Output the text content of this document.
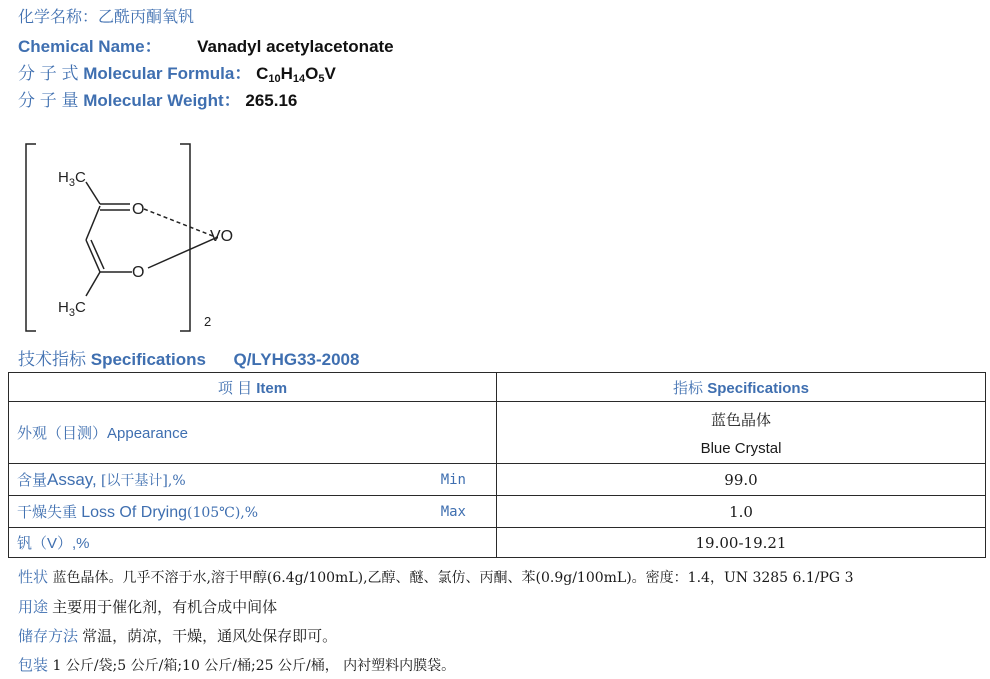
化学名称：乙酰丙酮氧钒
Chemical Name： Vanadyl acetylacetonate
分 子 式 Molecular Formula： $C_{10}H_{14}O_5V$
分 子 量 Molecular Weight： 265.16
$H_3C$
$H_3C$
O
O
2
VO
技术指标 Specifications Q/LYHG33-2008
项 目 Item	指标 Specifications
外观（目测）Appearance	蓝色晶体
Blue Crystal

含量Assay, [以干基计],% Min	99.0
干燥失重 Loss Of Drying(105℃),% Max	1.0
钒（V）,%	19.00-19.21
性状 蓝色晶体。几乎不溶于水,溶于甲醇(6.4g/100mL),乙醇、醚、氯仿、丙酮、苯(0.9g/100mL)。密度：1.4，UN 3285 6.1/PG 3
用途 主要用于催化剂，有机合成中间体
储存方法 常温，荫凉，干燥，通风处保存即可。
包装 1 公斤/袋;5 公斤/箱;10 公斤/桶;25 公斤/桶， 内衬塑料内膜袋。
